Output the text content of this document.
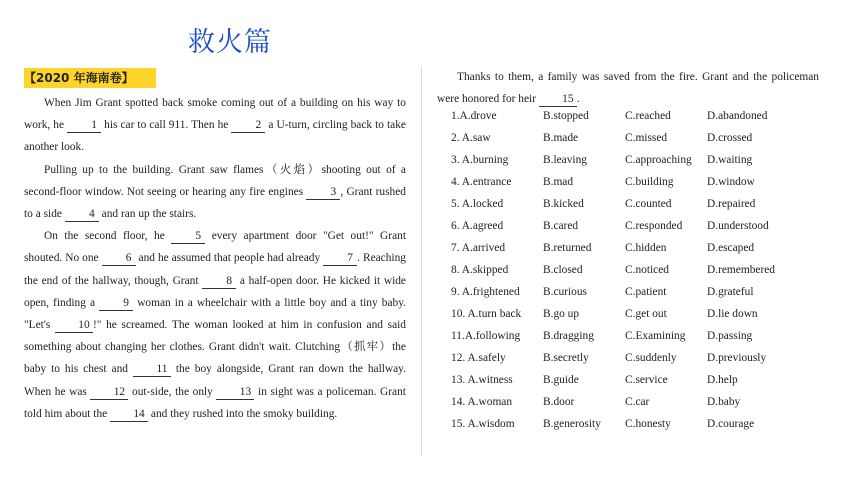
救火篇
【2020 年海南卷】

When Jim Grant spotted back smoke coming out of a building on his way to work, he 1 his car to call 911. Then he 2 a U-turn, circling back to take another look.

Pulling up to the building. Grant saw flames（火焰）shooting out of a second-floor window. Not seeing or hearing any fire engines 3 , Grant rushed to a side 4 and ran up the stairs.

On the second floor, he 5 every apartment door "Get out!" Grant shouted. No one 6 and he assumed that people had already 7 . Reaching the end of the hallway, though, Grant 8 a half-open door. He kicked it wide open, finding a 9 woman in a wheelchair with a little boy and a tiny baby. "Let's 10 !" he screamed. The woman looked at him in confusion and said something about changing her clothes. Grant didn't wait. Clutching（抓牢）the baby to his chest and 11 the boy alongside, Grant ran down the hallway. When he was 12 out-side, the only 13 in sight was a policeman. Grant told him about the 14 and they rushed into the smoky building.

Thanks to them, a family was saved from the fire. Grant and the policeman were honored for heir 15 .

1.A.drove	B.stopped	C.reached	D.abandoned
2. A.saw	B.made	C.missed	D.crossed
3. A.burning	B.leaving	C.approaching D.waiting
4. A.entrance	B.mad	C.building	D.window
5. A.locked	B.kicked	C.counted	D.repaired
6. A.agreed	B.cared	C.responded D.understood
7. A.arrived	B.returned	C.hidden	D.escaped
8. A.skipped	B.closed	C.noticed	D.remembered
9. A.frightened B.curious	C.patient	D.grateful
10. A.turn back B.go up	C.get out	D.lie down
11.A.following B.dragging	C.Examining D.passing
12. A.safely	B.secretly	C.suddenly	D.previously
13. A.witness	B.guide	C.service	D.help
14. A.woman	B.door	C.car	D.baby
15. A.wisdom B.generosity C.honesty	D.courage
